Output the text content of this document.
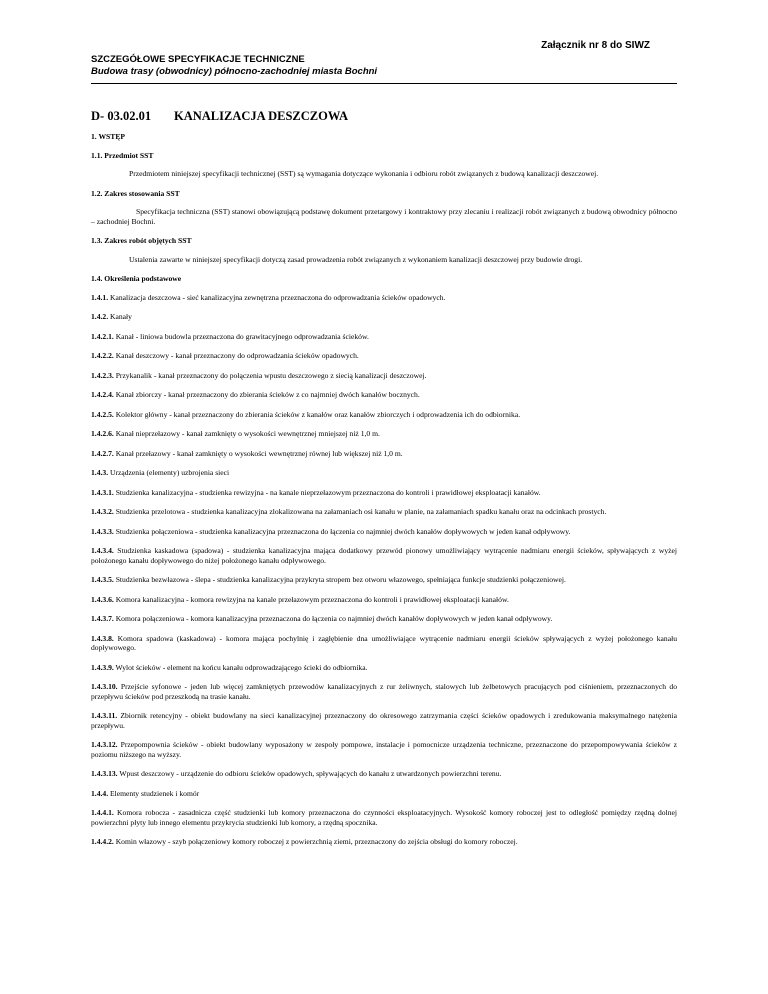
Załącznik nr 8 do SIWZ
SZCZEGÓŁOWE SPECYFIKACJE TECHNICZNE
Budowa trasy (obwodnicy) północno-zachodniej miasta Bochni
D- 03.02.01 KANALIZACJA DESZCZOWA
1. WSTĘP
1.1. Przedmiot SST
Przedmiotem niniejszej specyfikacji technicznej (SST) są wymagania dotyczące wykonania i odbioru robót związanych z budową kanalizacji deszczowej.
1.2. Zakres stosowania SST
Specyfikacja techniczna (SST) stanowi obowiązującą podstawę dokument przetargowy i kontraktowy przy zlecaniu i realizacji robót związanych z budową obwodnicy północno – zachodniej Bochni.
1.3. Zakres robót objętych SST
Ustalenia zawarte w niniejszej specyfikacji dotyczą zasad prowadzenia robót związanych z wykonaniem kanalizacji deszczowej przy budowie drogi.
1.4. Określenia podstawowe
1.4.1. Kanalizacja deszczowa - sieć kanalizacyjna zewnętrzna przeznaczona do odprowadzania ścieków opadowych.
1.4.2. Kanały
1.4.2.1. Kanał - liniowa budowla przeznaczona do grawitacyjnego odprowadzania ścieków.
1.4.2.2. Kanał deszczowy - kanał przeznaczony do odprowadzania ścieków opadowych.
1.4.2.3. Przykanalik - kanał przeznaczony do połączenia wpustu deszczowego z siecią kanalizacji deszczowej.
1.4.2.4. Kanał zbiorczy - kanał przeznaczony do zbierania ścieków z co najmniej dwóch kanałów bocznych.
1.4.2.5. Kolektor główny - kanał przeznaczony do zbierania ścieków z kanałów oraz kanałów zbiorczych i odprowadzenia ich do odbiornika.
1.4.2.6. Kanał nieprzełazowy - kanał zamknięty o wysokości wewnętrznej mniejszej niż 1,0 m.
1.4.2.7. Kanał przełazowy - kanał zamknięty o wysokości wewnętrznej równej lub większej niż 1,0 m.
1.4.3. Urządzenia (elementy) uzbrojenia sieci
1.4.3.1. Studzienka kanalizacyjna - studzienka rewizyjna - na kanale nieprzełazowym przeznaczona do kontroli i prawidłowej eksploatacji kanałów.
1.4.3.2. Studzienka przelotowa - studzienka kanalizacyjna zlokalizowana na załamaniach osi kanału w planie, na załamaniach spadku kanału oraz na odcinkach prostych.
1.4.3.3. Studzienka połączeniowa - studzienka kanalizacyjna przeznaczona do łączenia co najmniej dwóch kanałów dopływowych w jeden kanał odpływowy.
1.4.3.4. Studzienka kaskadowa (spadowa) - studzienka kanalizacyjna mająca dodatkowy przewód pionowy umożliwiający wytrącenie nadmiaru energii ścieków, spływających z wyżej położonego kanału dopływowego do niżej położonego kanału odpływowego.
1.4.3.5. Studzienka bezwłazowa - ślepa - studzienka kanalizacyjna przykryta stropem bez otworu włazowego, spełniająca funkcje studzienki połączeniowej.
1.4.3.6. Komora kanalizacyjna - komora rewizyjna na kanale przełazowym przeznaczona do kontroli i prawidłowej eksploatacji kanałów.
1.4.3.7. Komora połączeniowa - komora kanalizacyjna przeznaczona do łączenia co najmniej dwóch kanałów dopływowych w jeden kanał odpływowy.
1.4.3.8. Komora spadowa (kaskadowa) - komora mająca pochylnię i zagłębienie dna umożliwiające wytrącenie nadmiaru energii ścieków spływających z wyżej położonego kanału dopływowego.
1.4.3.9. Wylot ścieków - element na końcu kanału odprowadzającego ścieki do odbiornika.
1.4.3.10. Przejście syfonowe - jeden lub więcej zamkniętych przewodów kanalizacyjnych z rur żeliwnych, stalowych lub żelbetowych pracujących pod ciśnieniem, przeznaczonych do przepływu ścieków pod przeszkodą na trasie kanału.
1.4.3.11. Zbiornik retencyjny - obiekt budowlany na sieci kanalizacyjnej przeznaczony do okresowego zatrzymania części ścieków opadowych i zredukowania maksymalnego natężenia przepływu.
1.4.3.12. Przepompownia ścieków - obiekt budowlany wyposażony w zespoły pompowe, instalacje i pomocnicze urządzenia techniczne, przeznaczone do przepompowywania ścieków z poziomu niższego na wyższy.
1.4.3.13. Wpust deszczowy - urządzenie do odbioru ścieków opadowych, spływających do kanału z utwardzonych powierzchni terenu.
1.4.4. Elementy studzienek i komór
1.4.4.1. Komora robocza - zasadnicza część studzienki lub komory przeznaczona do czynności eksploatacyjnych. Wysokość komory roboczej jest to odległość pomiędzy rzędną dolnej powierzchni płyty lub innego elementu przykrycia studzienki lub komory, a rzędną spocznika.
1.4.4.2. Komin włazowy - szyb połączeniowy komory roboczej z powierzchnią ziemi, przeznaczony do zejścia obsługi do komory roboczej.
